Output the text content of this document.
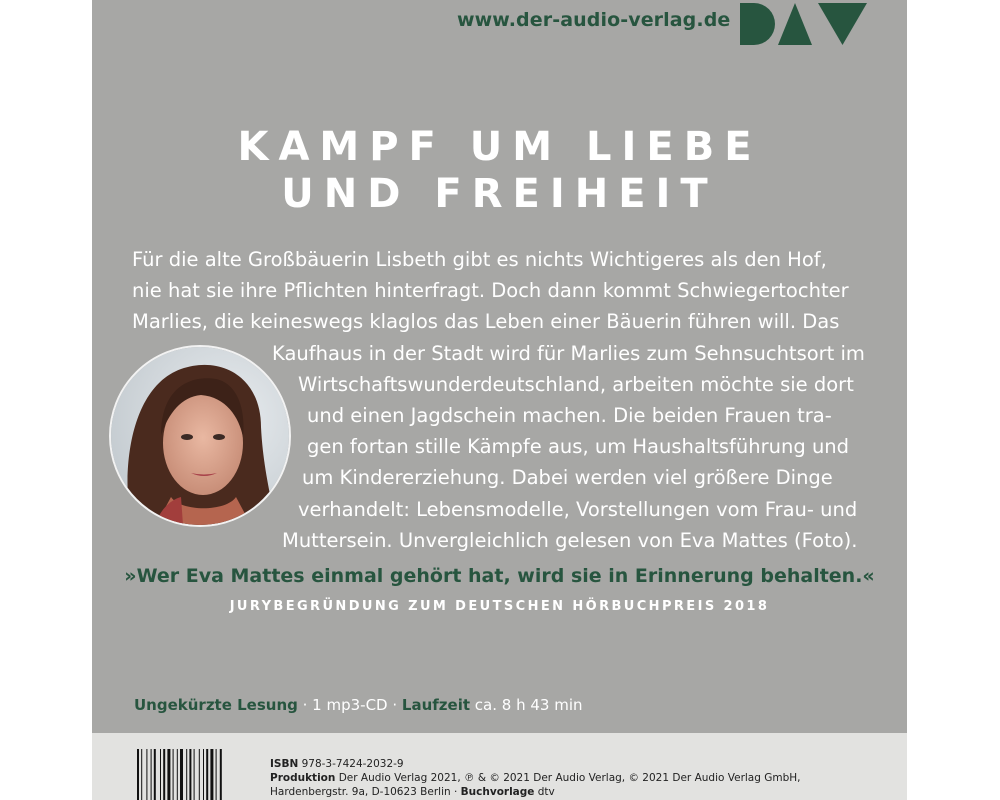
www.der-audio-verlag.de
KAMPF UM LIEBE
UND FREIHEIT
Für die alte Großbäuerin Lisbeth gibt es nichts Wichtigeres als den Hof,
nie hat sie ihre Pflichten hinterfragt. Doch dann kommt Schwiegertochter
Marlies, die keineswegs klaglos das Leben einer Bäuerin führen will. Das
Kaufhaus in der Stadt wird für Marlies zum Sehnsuchtsort im
Wirtschaftswunderdeutschland, arbeiten möchte sie dort
und einen Jagdschein machen. Die beiden Frauen tra-
gen fortan stille Kämpfe aus, um Haushaltsführung und
um Kindererziehung. Dabei werden viel größere Dinge
verhandelt: Lebensmodelle, Vorstellungen vom Frau- und
Muttersein. Unvergleichlich gelesen von Eva Mattes (Foto).
»Wer Eva Mattes einmal gehört hat, wird sie in Erinnerung behalten.«
JURYBEGRÜNDUNG ZUM DEUTSCHEN HÖRBUCHPREIS 2018
Ungekürzte Lesung · 1 mp3-CD · Laufzeit ca. 8 h 43 min
ISBN 978-3-7424-2032-9
Produktion Der Audio Verlag 2021, ℗ & © 2021 Der Audio Verlag, © 2021 Der Audio Verlag GmbH,
Hardenbergstr. 9a, D-10623 Berlin · Buchvorlage dtv
